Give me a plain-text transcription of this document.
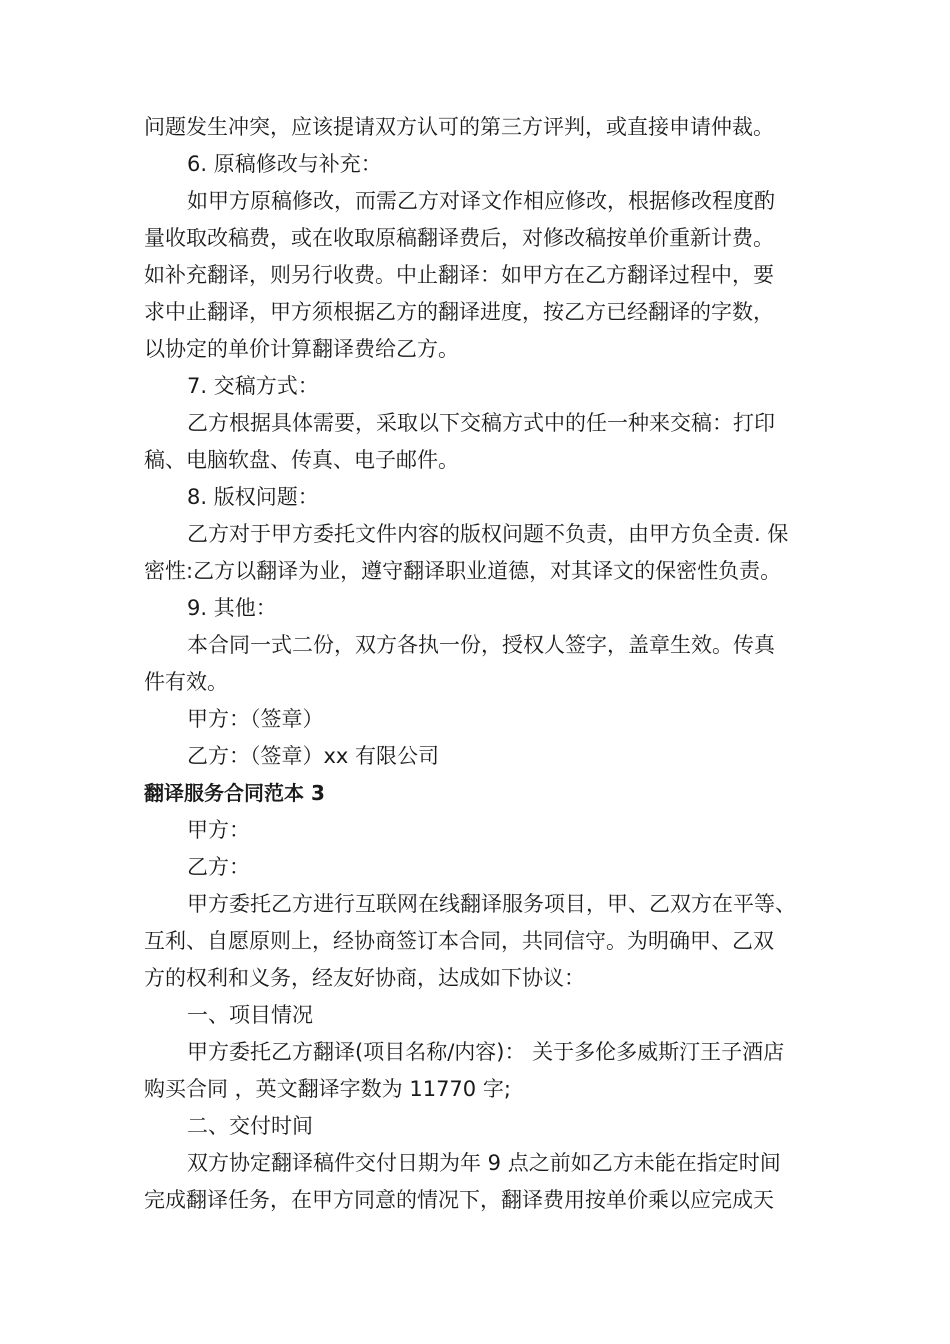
问题发生冲突，应该提请双方认可的第三方评判，或直接申请仲裁。
6. 原稿修改与补充：
如甲方原稿修改，而需乙方对译文作相应修改，根据修改程度酌
量收取改稿费，或在收取原稿翻译费后，对修改稿按单价重新计费。
如补充翻译，则另行收费。中止翻译：如甲方在乙方翻译过程中，要
求中止翻译，甲方须根据乙方的翻译进度，按乙方已经翻译的字数，
以协定的单价计算翻译费给乙方。
7. 交稿方式：
乙方根据具体需要，采取以下交稿方式中的任一种来交稿：打印
稿、电脑软盘、传真、电子邮件。
8. 版权问题：
乙方对于甲方委托文件内容的版权问题不负责，由甲方负全责. 保
密性:乙方以翻译为业，遵守翻译职业道德，对其译文的保密性负责。
9. 其他：
本合同一式二份，双方各执一份，授权人签字，盖章生效。传真
件有效。
甲方：（签章）
乙方：（签章）xx 有限公司
翻译服务合同范本 3
甲方：
乙方：
甲方委托乙方进行互联网在线翻译服务项目，甲、乙双方在平等、
互利、自愿原则上，经协商签订本合同，共同信守。为明确甲、乙双
方的权利和义务，经友好协商，达成如下协议：
一、项目情况
甲方委托乙方翻译(项目名称/内容)： 关于多伦多威斯汀王子酒店
购买合同 ，英文翻译字数为 11770 字;
二、交付时间
双方协定翻译稿件交付日期为年 9 点之前如乙方未能在指定时间
完成翻译任务，在甲方同意的情况下，翻译费用按单价乘以应完成天
